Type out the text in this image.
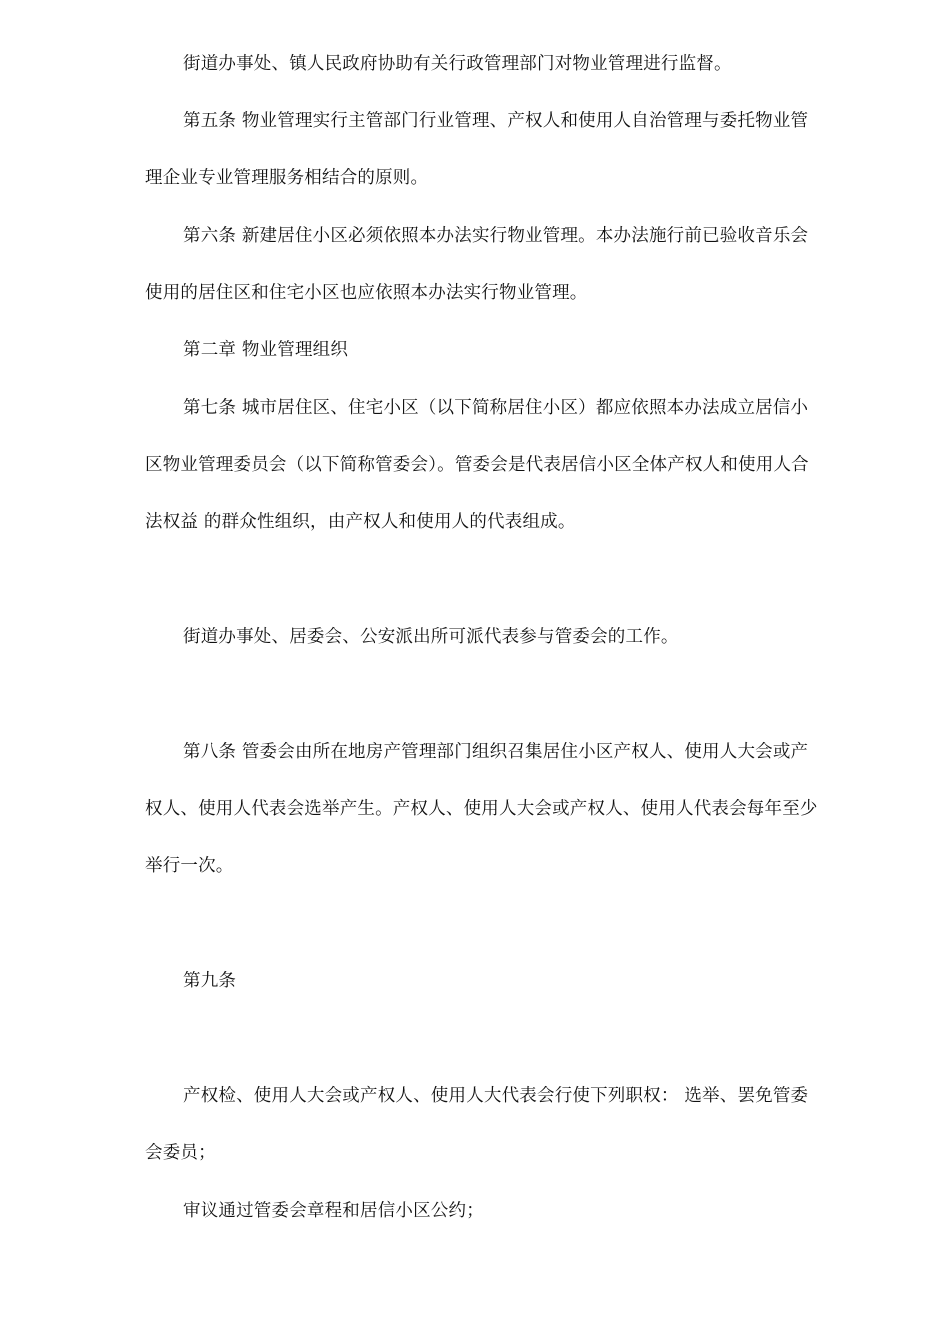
街道办事处、镇人民政府协助有关行政管理部门对物业管理进行监督。
第五条 物业管理实行主管部门行业管理、产权人和使用人自治管理与委托物业管
理企业专业管理服务相结合的原则。
第六条 新建居住小区必须依照本办法实行物业管理。本办法施行前已验收音乐会
使用的居住区和住宅小区也应依照本办法实行物业管理。
第二章 物业管理组织
第七条 城市居住区、住宅小区（以下简称居住小区）都应依照本办法成立居信小
区物业管理委员会（以下简称管委会）。管委会是代表居信小区全体产权人和使用人合
法权益 的群众性组织，由产权人和使用人的代表组成。
街道办事处、居委会、公安派出所可派代表参与管委会的工作。
第八条 管委会由所在地房产管理部门组织召集居住小区产权人、使用人大会或产
权人、使用人代表会选举产生。产权人、使用人大会或产权人、使用人代表会每年至少
举行一次。
第九条
产权检、使用人大会或产权人、使用人大代表会行使下列职权： 选举、罢免管委
会委员；
审议通过管委会章程和居信小区公约；
